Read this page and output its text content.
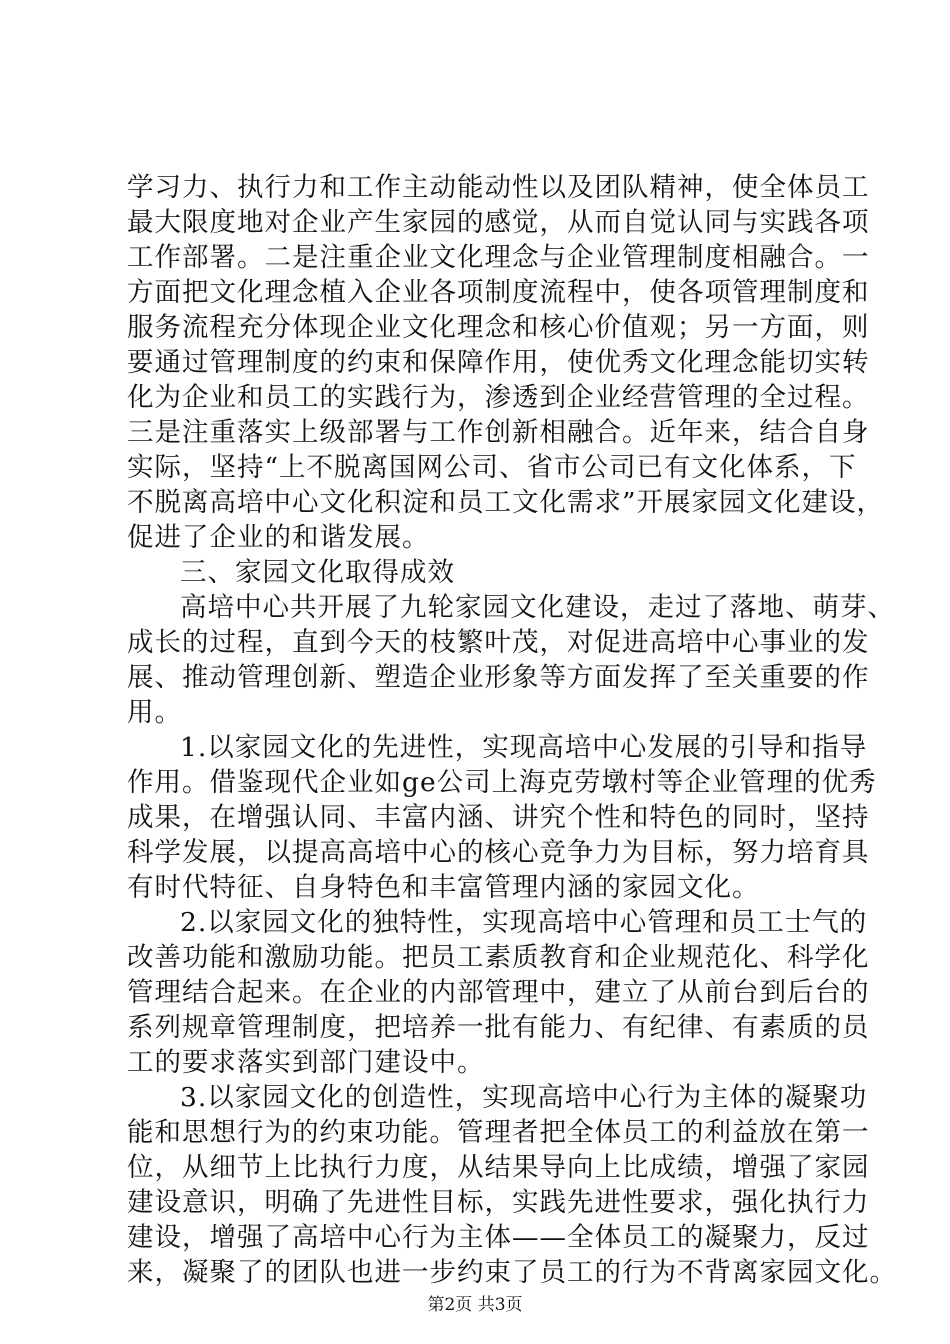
学习力、执行力和工作主动能动性以及团队精神，使全体员工
最大限度地对企业产生家园的感觉，从而自觉认同与实践各项
工作部署。二是注重企业文化理念与企业管理制度相融合。一
方面把文化理念植入企业各项制度流程中，使各项管理制度和
服务流程充分体现企业文化理念和核心价值观；另一方面，则
要通过管理制度的约束和保障作用，使优秀文化理念能切实转
化为企业和员工的实践行为，渗透到企业经营管理的全过程。
三是注重落实上级部署与工作创新相融合。近年来，结合自身
实际，坚持“上不脱离国网公司、省市公司已有文化体系，下
不脱离高培中心文化积淀和员工文化需求”开展家园文化建设，
促进了企业的和谐发展。
三、家园文化取得成效
高培中心共开展了九轮家园文化建设，走过了落地、萌芽、
成长的过程，直到今天的枝繁叶茂，对促进高培中心事业的发
展、推动管理创新、塑造企业形象等方面发挥了至关重要的作
用。
1.以家园文化的先进性，实现高培中心发展的引导和指导
作用。借鉴现代企业如ge公司上海克劳墩村等企业管理的优秀
成果，在增强认同、丰富内涵、讲究个性和特色的同时，坚持
科学发展，以提高高培中心的核心竞争力为目标，努力培育具
有时代特征、自身特色和丰富管理内涵的家园文化。
2.以家园文化的独特性，实现高培中心管理和员工士气的
改善功能和激励功能。把员工素质教育和企业规范化、科学化
管理结合起来。在企业的内部管理中，建立了从前台到后台的
系列规章管理制度，把培养一批有能力、有纪律、有素质的员
工的要求落实到部门建设中。
3.以家园文化的创造性，实现高培中心行为主体的凝聚功
能和思想行为的约束功能。管理者把全体员工的利益放在第一
位，从细节上比执行力度，从结果导向上比成绩，增强了家园
建设意识，明确了先进性目标，实践先进性要求，强化执行力
建设，增强了高培中心行为主体——全体员工的凝聚力，反过
来，凝聚了的团队也进一步约束了员工的行为不背离家园文化。
第2页 共3页
